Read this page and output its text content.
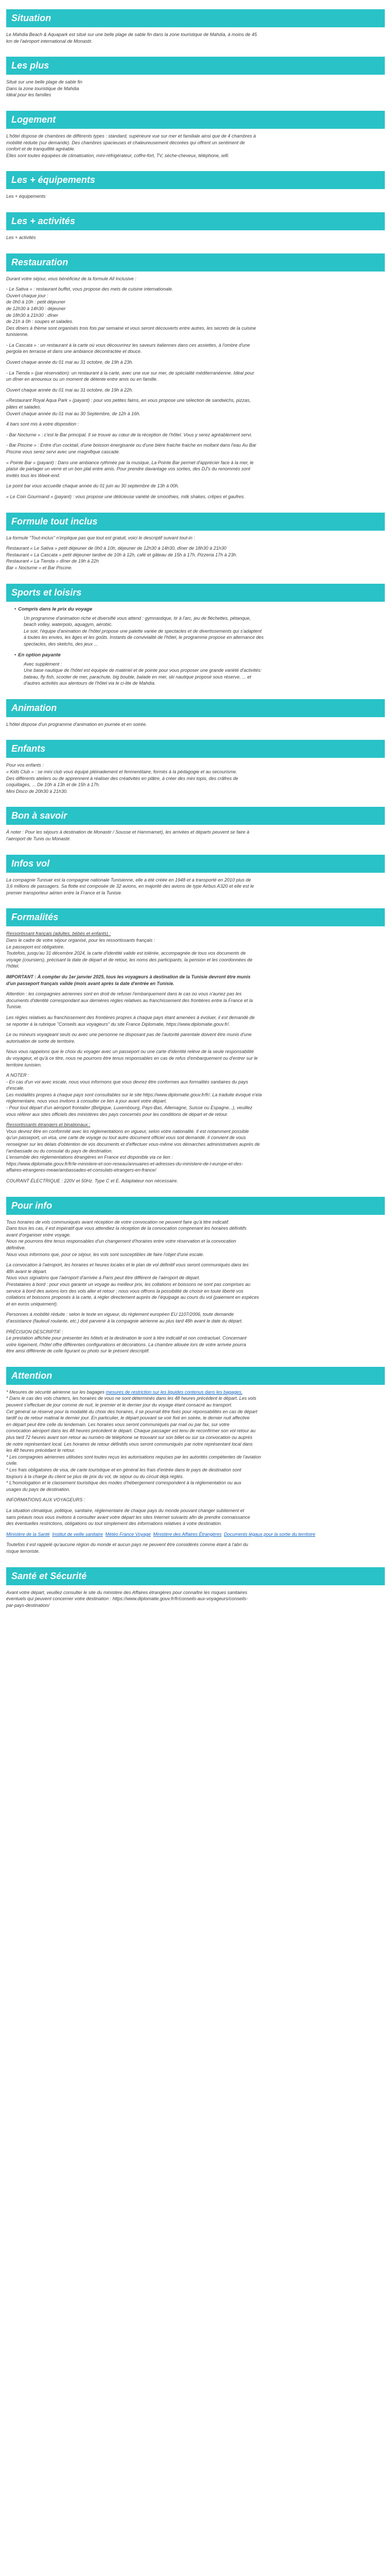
Situation

Le Mahdia Beach & Aquapark est situé sur une belle plage de sable fin dans la zone touristique de Mahdia, à moins de 45

km de l'aéroport international de Monastir.

Les plus

Situé sur une belle plage de sable fin

Dans la zone touristique de Mahdia

Idéal pour les familles

Logement

L'hôtel dispose de chambres de différents types : standard, supérieure vue sur mer et familiale ainsi que de 4 chambres à

mobilité réduite (sur demande). Des chambres spacieuses et chaleureusement décorées qui offrent un sentiment de

confort et de tranquillité agréable.

Elles sont toutes équipées de climatisation, mini-réfrigérateur, coffre-fort, TV, sèche-cheveux, téléphone, wifi.

Les + équipements

Les + équipements

Les + activités

Les + activités

Restauration

Durant votre séjour, vous bénéficiez de la formule All Inclusive :

- Le Sativa » : restaurant buffet, vous propose des mets de cuisine internationale.

Ouvert chaque jour :

de 0h0 à 10h : petit déjeuner

de 12h30 à 14h30 : déjeuner

de 18h30 à 21h30 : dîner

de 21h à 0h : soupes et salades.

Des dîners à thème sont organisés trois fois par semaine et vous seront découverts entre autres, les secrets de la cuisine

tunisienne.

- La Cascata » : un restaurant à la carte où vous découvrirez les saveurs italiennes dans ces assiettes, à l'ombre d'une

pergola en terrasse et dans une ambiance décontractée et douce.

Ouvert chaque année du 01 mai au 31 octobre, de 19h à 23h.

- La Tienda » (par réservation): un restaurant à la carte, avec une vue sur mer, de spécialité méditerranéenne. Idéal pour

un dîner en amoureux ou un moment de détente entre amis ou en famille.

Ouvert chaque année du 01 mai au 31 octobre, de 19h à 22h.

«Restaurant Royal Aqua Park » (payant) : pour vos petites faims, en vous propose une sélection de sandwichs, pizzas,

pâtes et salades.

Ouvert chaque année du 01 mai au 30 Septembre, de 12h à 16h.

4 bars sont mis à votre disposition :

- Bar Nocturne » : c'est le Bar principal. Il se trouve au cœur de la réception de l'hôtel. Vous y serez agréablement servi.

- Bar Piscine » : Entre d'un cocktail, d'une boisson énergisante ou d'une bière fraiche fraiche en moltant dans l'eau Au Bar

Piscine vous serez servi avec une magnifique cascade.

« Pointe Bar » (payant) : Dans une ambiance rythmée par la musique, La Pointe Bar permet d'apprécier face à la mer, le

plaisir de partager un verre et un bon plat entre amis. Pour prendre davantage vos sorties, des DJ's du renommés sont

invités tous les Week-end.

Le point bar vous accueille chaque année du 01 juin au 30 septembre de 13h à 00h.

« Le Coin Gourmand » (payant) : vous propose une délicieuse variété de smoothies, milk shakes, crêpes et gaufres.

Formule tout inclus

La formule "Tout-inclus" n'implique pas que tout est gratuit, voici le descriptif suivant tout-in :

Restaurant « Le Sativa » petit déjeuner de 0h0 à 10h, déjeuner de 12h30 à 14h30, dîner de 18h30 à 21h30

Restaurant « La Cascata » petit déjeuner tardive de 10h à 12h, café et gâteau de 15h à 17h. Pizzeria 17h à 23h.

Restaurant « La Tienda » dîner de 19h à 22h

Bar « Nocturne » et Bar Piscine.

Sports et loisirs
• Compris dans le prix du voyage

Un programme d'animation riche et diversifié vous attend : gymnastique, tir à l'arc, jeu de fléchettes, pétanque,

beach volley, waterpolo, aquagym, aérobic.

Le soir, l'équipe d'animation de l'hôtel propose une palette variée de spectacles et de divertissements qui s'adaptent

à toutes les envies, les âges et les goûts. Instants de convivialité de l'hôtel, le programme propose en alternance des

spectacles, des sketchs, des jeux ...

• En option payante

Avec supplément :

Une base nautique de l'hôtel est équipée de matériel et de pointe pour vous proposer une grande variété d'activités:

bateau, fly fish, scooter de mer, parachute, big bouble, balade en mer, ski nautique proposé sous réserve, ... et

d'autres activités aux alentours de l'hôtel via le ci-lite de Mahdia.

Animation

L'hôtel dispose d'un programme d'animation en journée et en soirée.

Enfants

Pour vos enfants :

« Kids Club » : se mini club vous équipé pléinadement et fenmentilaire, formés à la pédagogie et au secourisme.

Des différents ateliers ou de apprennent à réaliser des créativités en plâtre, à créer des mini topis, des crâfres de

coquillages, ... De 10h à 13h et de 15h à 17h.

Mini Disco de 20h30 à 21h30.

Bon à savoir

À noter : Pour les séjours à destination de Monastir / Sousse et Hammamet), les arrivées et départs peuvent se faire à

l'aéroport de Tunis ou Monastir.

Infos vol

La compagnie Tunisair est la compagnie nationale Tunisienne, elle a été créée en 1948 et a transporté en 2010 plus de

3,6 millions de passagers. Sa flotte est composée de 32 avions, en majorité des avions de type Airbus A320 et elle est le

premier transporteur aérien entre la France et la Tunisie.

Formalités

Ressortissant français (adultes, bébés et enfants) :

Dans le cadre de votre séjour organisé, pour les ressortissants français :

Le passeport est obligatoire.

Toutefois, jusqu'au 31 décembre 2024, la carte d'identité valide est tolérée, accompagnée de tous vos documents de

voyage (coursiers), précisant la date de départ et de retour, les noms des participants, la pension et les coordonnées de

l'hôtel.

IMPORTANT : À compter du 1er janvier 2025, tous les voyageurs à destination de la Tunisie devront être munis

d'un passeport français valide (mois avant après la date d'entrée en Tunisie.

Attention : les compagnies aériennes sont en droit de refuser l'embarquement dans le cas où vous n'auriez pas les

documents d'identité correspondant aux dernières règles relatives au franchissement des frontières entre la France et la

Tunisie.

Les règles relatives au franchissement des frontières propres à chaque pays étant amenées à évoluer, il est demandé de

se reporter à la rubrique "Conseils aux voyageurs" du site France Diplomatie, https://www.diplomatie.gouv.fr/.

Le ou mineurs voyageant seuls ou avec une personne ne disposant pas de l'autorité parentale doivent être munis d'une

autorisation de sortie de territoire.

Nous vous rappelons que le choix du voyager avec un passeport ou une carte d'identité relève de la seule responsabilité

du voyageur, et qu'à ce titre, nous ne pourrons être tenus responsables en cas de refus d'embarquement ou d'entrer sur le

territoire tunisien.

A NOTER :

- En cas d'un voi avec escale, nous vous informons que vous devrez être conformes aux formalités sanitaires du pays

d'escale.

Les modalités propres à chaque pays sont consultables sur le site https://www.diplomatie.gouv.fr/fr/. La traduite évoqué n'ela

réglementaire, nous vous invitons à consulter ce lien à jour avant votre départ.

- Pour tout départ d'un aéroport frontalier (Belgique, Luxembourg, Pays-Bas, Allemagne, Suisse ou Espagne...), veuillez

vous référer aux sites officiels des ministères des pays concernés pour les conditions de départ et de retour.

Ressortissants étrangers et binationaux :

Vous devrez être en conformité avec les réglementations en vigueur, selon votre nationalité. Il est notamment possible

qu'un passeport, un visa, une carte de voyage ou tout autre document officiel vous soit demandé. Il convient de vous

renseigner sur les délais d'obtention de vos documents et d'effectuer vous-même vos démarches administratives auprès de

l'ambassade ou du consulat du pays de destination.

L'ensemble des réglementations étrangères en France est disponible via ce lien :

https://www.diplomatie.gouv.fr/fr/le-ministere-et-son-reseau/annuaires-et-adresses-du-ministere-de-l-europe-et-des-

affaires-etrangeres-meae/ambassades-et-consulats-etrangers-en-france/

COURANT ÉLECTRIQUE : 220V et 50Hz. Type C et E. Adaptateur non nécessaire.

Pour info

Tous horaires de vols communiqués avant réception de votre convocation ne peuvent faire qu'à titre indicatif.

Dans tous les cas, il est impératif que vous attendiez la réception de la convocation comprenant les horaires définitifs

avant d'organiser votre voyage.

Nous ne pourrons être tenus responsables d'un changement d'horaires entre votre réservation et la convocation

définitive.

Nous vous informons que, pour ce séjour, les vols sont susceptibles de faire l'objet d'une escale.

La convocation à l'aéroport, les horaires et heures locales et le plan de vol définitif vous seront communiqués dans les

48h avant le départ.

Nous vous signalons que l'aéroport d'arrivée à Paris peut être différent de l'aéroport de départ.

Prestataires à bord : pour vous garantir un voyage au meilleur prix, les collations et boissons ne sont pas comprises au

service à bord des avions lors des vols aller et retour ; nous vous offrons la possibilité de choisir en toute liberté vos

collations et boissons proposés à la carte, à régler directement auprès de l'équipage au cours du vol (paiement en espèces

et en euros uniquement).

Personnes à mobilité réduite : selon le texte en vigueur, du règlement européen EU 1107/2006, toute demande

d'assistance (fauteuil roulante, etc.) doit parvenir à la compagnie aérienne au plus tard 48h avant le date du départ.

PRÉCISION DESCRIPTIF :

Le prestation affichée pour présenter les hôtels et la destination le sont à titre indicatif et non contractuel. Concernant

votre logement, l'hôtel offre différentes configurations et décorations. La chambre allouée lors de votre arrivée pourra

être ainsi différente de celle figurant ou photo sur le présent descriptif.

Attention

* Mesures de sécurité aérienne sur les bagages mesures de restriction sur les liquides contenus dans les bagages.

* Dans le cas des vols charters, les horaires de vous ne sont déterminés dans les 48 heures précédent le départ. Les vols

peuvent s'effectuer de jour comme de nuit, le premier et le dernier jour du voyage étant consacré au transport.

Cet général se réservé pour la modalité du choix des horaires, il se pourrait être fixés pour réponsabilités en cas de départ

tardif ou de retour matinal le dernier jour. En particulier, le départ pouvant se voir fixé en soirée, le dernier nuit affective

en départ peut être celle du lendemain. Les horaires vous seront communiqués par mail ou par fax, sur votre

convocation aéroport dans les 48 heures précédent le départ. Chaque passager est tenu de reconfirmer son vol retour au

plus tard 72 heures avant son retour au numéro de téléphone se trouvant sur son billet ou sur sa convocation ou auprès

de notre représentant local. Les horaires de retour définitifs vous seront communiqués par notre représentant local dans

les 48 heures précédant le retour.

* Les compagnies aériennes utilisées sont toutes reçus les autorisations requises par les autorités compétentes de l'aviation

civile.

* Les frais obligatoires de visa, de carte touristique et en général les frais d'entrée dans le pays de destination sont

toujours à la charge du client se plus de prix du vol, de séjour ou du circuit déjà réglés.

* L'homologation et le classement touristique des modes d'hébergement correspondent à la réglementation ou aux

usages du pays de destination.

INFORMATIONS AUX VOYAGEURS :

La situation climatique, politique, sanitaire, réglementaire de chaque pays du monde pouvant changer subitement et

sans préavis nous vous invitons à consulter avant votre départ les sites Internet suivants afin de prendre connaissance

des éventuelles restrictions, obligations ou tout simplement des informations relatives à votre destination.

Ministère de la Santé Institut de veille sanitaire Météo France Voyage Ministère des Affaires Étrangères Documents légaux pour la sortie du territoire

Toutefois il est rappelé qu'aucune région du monde et aucun pays ne peuvent être considérés comme étant à l'abri du

risque terroriste.

Santé et Sécurité

Avant votre départ, veuillez consulter le site du ministère des Affaires étrangères pour connaître les risques sanitaires

éventuels qui peuvent concerner votre destination : https://www.diplomatie.gouv.fr/fr/conseils-aux-voyageurs/conseils-

par-pays-destination/
